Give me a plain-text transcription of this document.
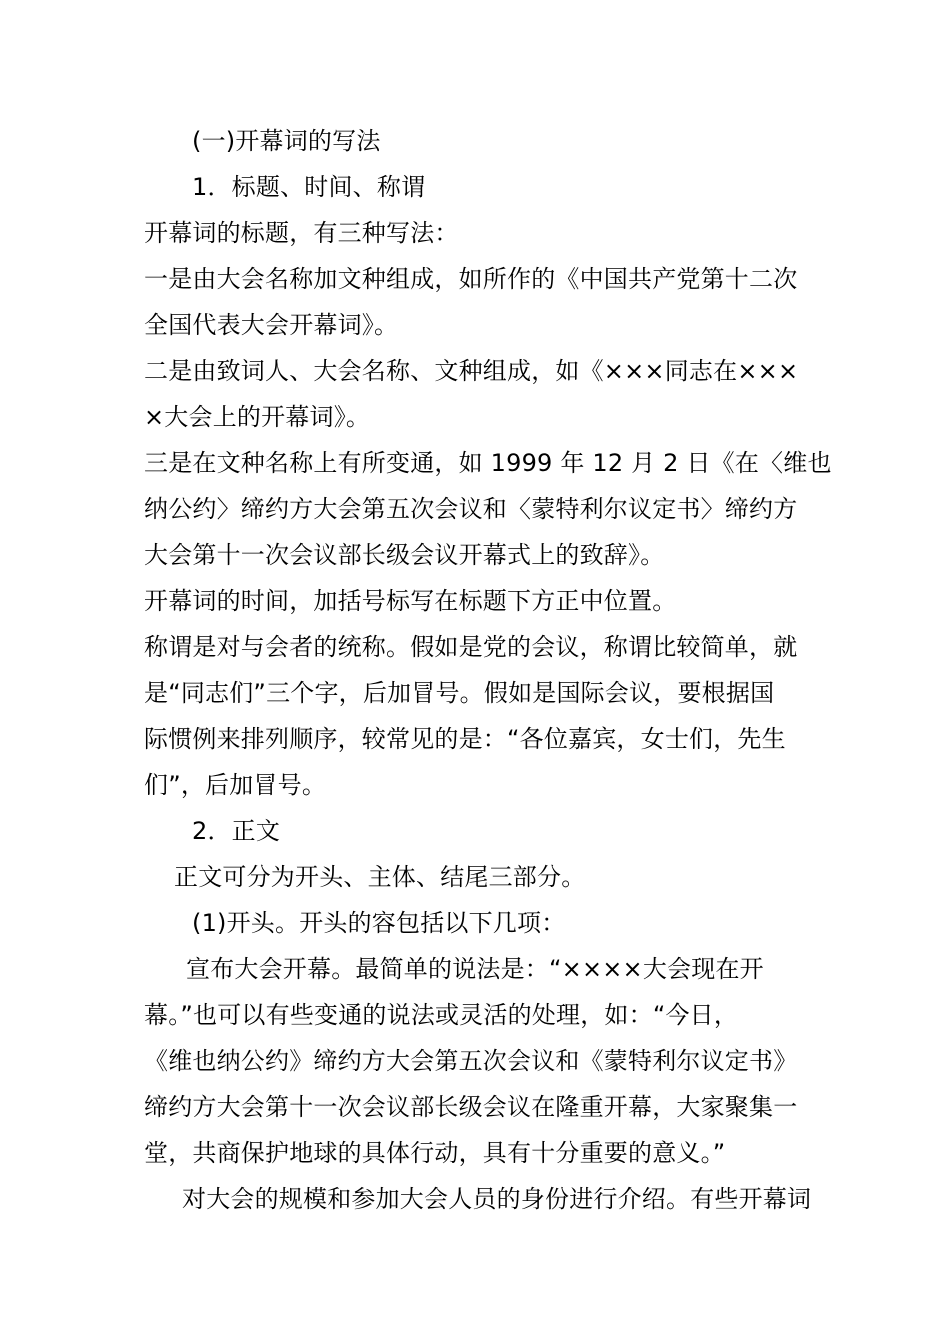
(一)开幕词的写法
1．标题、时间、称谓
开幕词的标题，有三种写法：
一是由大会名称加文种组成，如所作的《中国共产党第十二次
全国代表大会开幕词》。
二是由致词人、大会名称、文种组成，如《×××同志在×××
×大会上的开幕词》。
三是在文种名称上有所变通，如 1999 年 12 月 2 日《在〈维也
纳公约〉缔约方大会第五次会议和〈蒙特利尔议定书〉缔约方
大会第十一次会议部长级会议开幕式上的致辞》。
开幕词的时间，加括号标写在标题下方正中位置。
称谓是对与会者的统称。假如是党的会议，称谓比较简单，就
是“同志们”三个字，后加冒号。假如是国际会议，要根据国
际惯例来排列顺序，较常见的是：“各位嘉宾，女士们，先生
们”，后加冒号。
2．正文
正文可分为开头、主体、结尾三部分。
(1)开头。开头的容包括以下几项：
宣布大会开幕。最简单的说法是：“××××大会现在开
幕。”也可以有些变通的说法或灵活的处理，如：“今日，
《维也纳公约》缔约方大会第五次会议和《蒙特利尔议定书》
缔约方大会第十一次会议部长级会议在隆重开幕，大家聚集一
堂，共商保护地球的具体行动，具有十分重要的意义。”
对大会的规模和参加大会人员的身份进行介绍。有些开幕词
